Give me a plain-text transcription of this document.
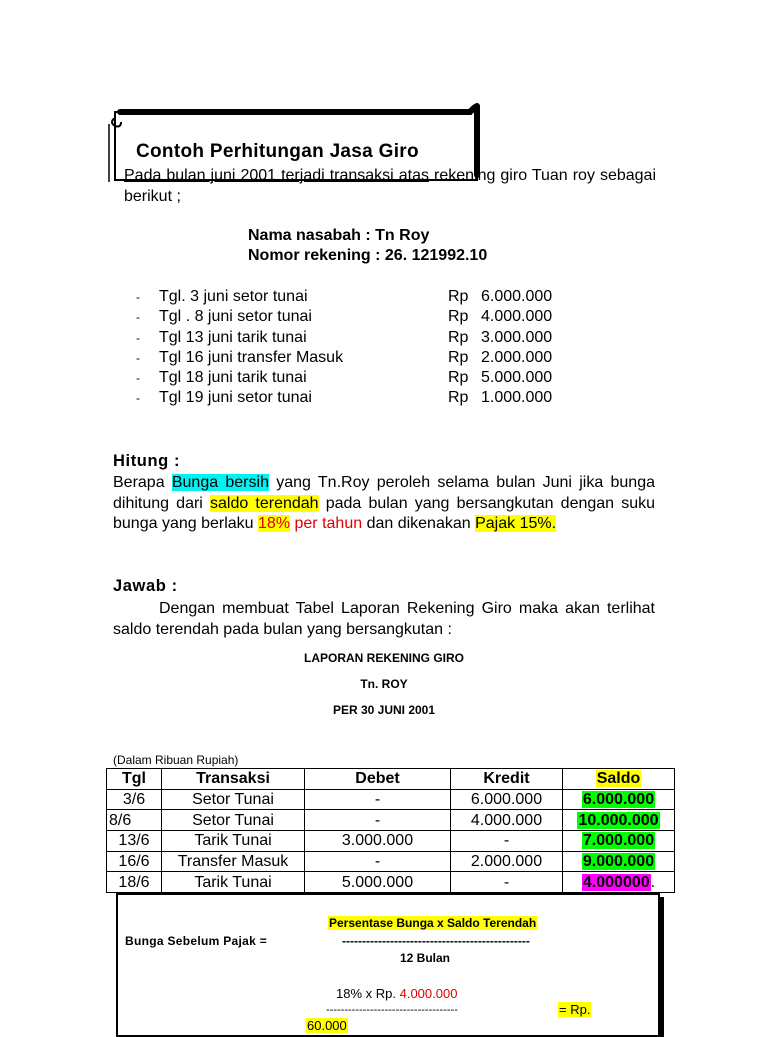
Contoh Perhitungan Jasa Giro
Pada bulan juni 2001 terjadi transaksi atas rekening giro Tuan roy sebagai berikut ;
Nama nasabah : Tn Roy
Nomor rekening : 26. 121992.10
- Tgl. 3 juni setor tunai	Rp 6.000.000
- Tgl . 8 juni setor tunai	Rp 4.000.000
- Tgl 13 juni tarik tunai	Rp 3.000.000
- Tgl 16 juni transfer Masuk	Rp 2.000.000
- Tgl 18 juni tarik tunai	Rp 5.000.000
- Tgl 19 juni setor tunai	Rp 1.000.000
Hitung :
Berapa Bunga bersih yang Tn.Roy peroleh selama bulan Juni jika bunga dihitung dari saldo terendah pada bulan yang bersangkutan dengan suku bunga yang berlaku 18% per tahun dan dikenakan Pajak 15%.
Jawab :
Dengan membuat Tabel Laporan Rekening Giro maka akan terlihat saldo terendah pada bulan yang bersangkutan :
LAPORAN REKENING GIRO
Tn. ROY
PER 30 JUNI 2001
(Dalam Ribuan Rupiah)
Tgl	Transaksi	Debet	Kredit	Saldo
3/6	Setor Tunai	-	6.000.000	6.000.000
8/6	Setor Tunai	-	4.000.000	10.000.000
13/6	Tarik Tunai	3.000.000	-	7.000.000
16/6	Transfer Masuk	-	2.000.000	9.000.000
18/6	Tarik Tunai	5.000.000	-	4.000000.
Bunga Sebelum Pajak =
Persentase Bunga x Saldo Terendah
-----------------------------------------------
12 Bulan
18% x Rp. 4.000.000
------------------------------------	= Rp.
60.000
